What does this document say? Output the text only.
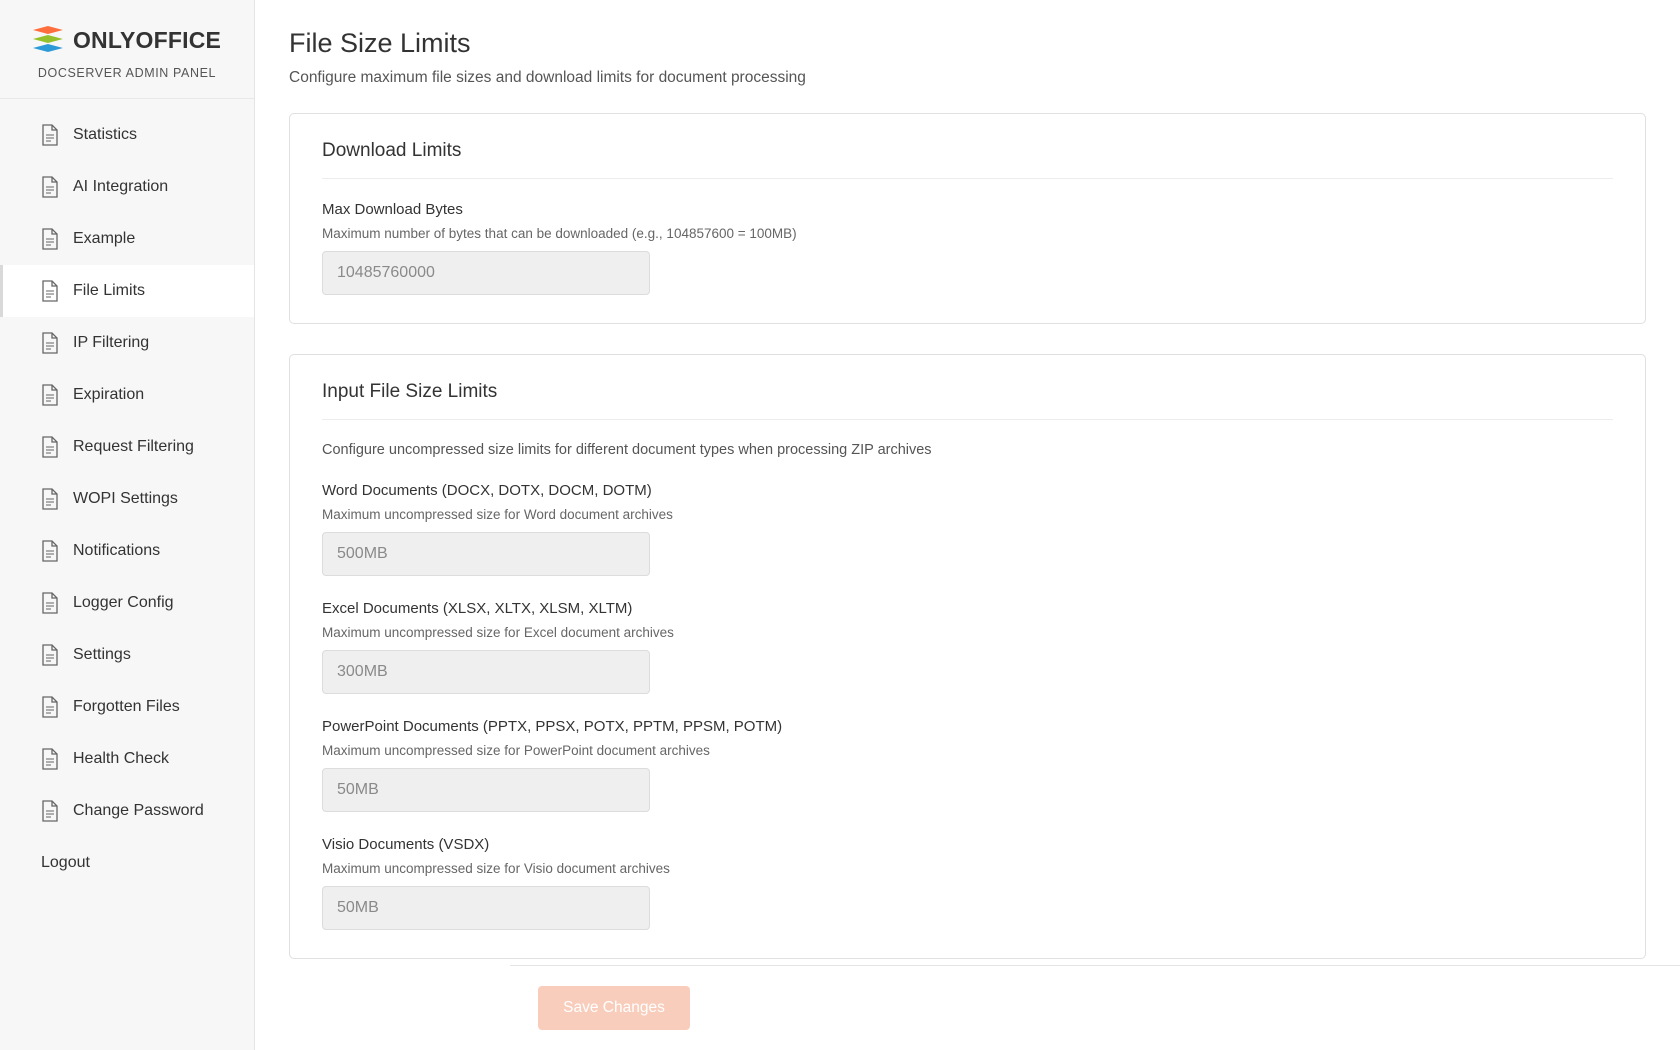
ONLYOFFICE
DOCSERVER ADMIN PANEL
Statistics
AI Integration
Example
File Limits
IP Filtering
Expiration
Request Filtering
WOPI Settings
Notifications
Logger Config
Settings
Forgotten Files
Health Check
Change Password
Logout
File Size Limits
Configure maximum file sizes and download limits for document processing
Download Limits
Max Download Bytes
Maximum number of bytes that can be downloaded (e.g., 104857600 = 100MB)
10485760000
Input File Size Limits
Configure uncompressed size limits for different document types when processing ZIP archives
Word Documents (DOCX, DOTX, DOCM, DOTM)
Maximum uncompressed size for Word document archives
500MB
Excel Documents (XLSX, XLTX, XLSM, XLTM)
Maximum uncompressed size for Excel document archives
300MB
PowerPoint Documents (PPTX, PPSX, POTX, PPTM, PPSM, POTM)
Maximum uncompressed size for PowerPoint document archives
50MB
Visio Documents (VSDX)
Maximum uncompressed size for Visio document archives
50MB
Save Changes
